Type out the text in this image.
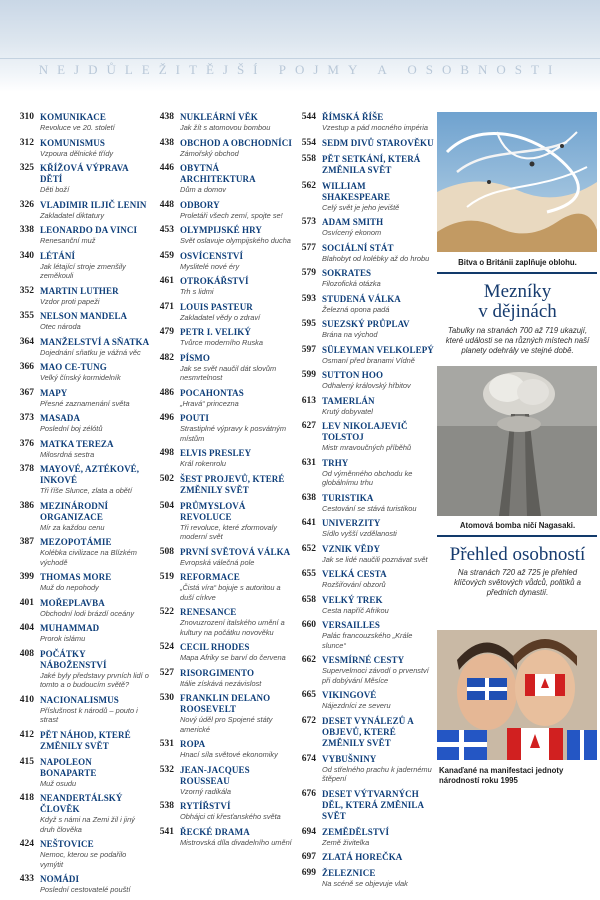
NEJDŮLEŽITĚJŠÍ POJMY A OSOBNOSTI
310 KOMUNIKACE
Revoluce ve 20. století
312 KOMUNISMUS
Vzpoura dělnické třídy
325 KŘÍŽOVÁ VÝPRAVA DĚTÍ
Děti boží
326 VLADIMIR ILJIČ LENIN
Zakladatel diktatury
338 LEONARDO DA VINCI
Renesanční muž
340 LÉTÁNÍ
Jak létající stroje zmenšily zeměkouli
352 MARTIN LUTHER
Vzdor proti papeži
355 NELSON MANDELA
Otec národa
364 MANŽELSTVÍ A SŇATKA
Dojednání sňatku je vážná věc
366 MAO CE-TUNG
Velký čínský kormidelník
367 MAPY
Přesné zaznamenání světa
373 MASADA
Poslední boj zélótů
376 MATKA TEREZA
Milosrdná sestra
378 MAYOVÉ, AZTÉKOVÉ, INKOVÉ
Tři říše Slunce, zlata a obětí
386 MEZINÁRODNÍ ORGANIZACE
Mír za každou cenu
387 MEZOPOTÁMIE
Kolébka civilizace na Blízkém východě
399 THOMAS MORE
Muž do nepohody
401 MOŘEPLAVBA
Obchodní lodi brázdí oceány
404 MUHAMMAD
Prorok islámu
408 POČÁTKY NÁBOŽENSTVÍ
Jaké byly představy prvních lidí o tomto a o budoucím světě?
410 NACIONALISMUS
Příslušnost k národů – pouto i strast
412 PĚT NÁHOD, KTERÉ ZMĚNILY SVĚT
415 NAPOLEON BONAPARTE
Muž osudu
418 NEANDERTÁLSKÝ ČLOVĚK
Když s námi na Zemi žil i jiný druh člověka
424 NEŠTOVICE
Nemoc, kterou se podařilo vymýtit
433 NOMÁDI
Poslední cestovatelé pouští
438 NUKLEÁRNÍ VĚK
Jak žít s atomovou bombou
438 OBCHOD A OBCHODNÍCI
Zámořský obchod
446 OBYTNÁ ARCHITEKTURA
Dům a domov
448 ODBORY
Proletáři všech zemí, spojte se!
453 OLYMPIJSKÉ HRY
Svět oslavuje olympijského ducha
459 OSVÍCENSTVÍ
Myslitelé nové éry
461 OTROKÁŘSTVÍ
Trh s lidmi
471 LOUIS PASTEUR
Zakladatel vědy o zdraví
479 PETR I. VELIKÝ
Tvůrce moderního Ruska
482 PÍSMO
Jak se svět naučil dát slovům nesmrtelnost
486 POCAHONTAS
„Hravá“ princezna
496 POUTI
Strastiplné výpravy k posvátným místům
498 ELVIS PRESLEY
Král rokenrolu
502 ŠEST PROJEVŮ, KTERÉ ZMĚNILY SVĚT
504 PRŮMYSLOVÁ REVOLUCE
Tři revoluce, které zformovaly moderní svět
508 PRVNÍ SVĚTOVÁ VÁLKA
Evropská válečná pole
519 REFORMACE
„Čistá víra“ bojuje s autoritou a duší církve
522 RENESANCE
Znovuzrození italského umění a kultury na počátku novověku
524 CECIL RHODES
Mapa Afriky se barví do červena
527 RISORGIMENTO
Itálie získává nezávislost
530 FRANKLIN DELANO ROOSEVELT
Nový úděl pro Spojené státy americké
531 ROPA
Hnací síla světové ekonomiky
532 JEAN-JACQUES ROUSSEAU
Vzorný radikála
538 RYTÍŘSTVÍ
Obhájci cti křesťanského světa
541 ŘECKÉ DRAMA
Mistrovská díla divadelního umění
544 ŘÍMSKÁ ŘÍŠE
Vzestup a pád mocného impéria
554 SEDM DIVŮ STAROVĚKU
558 PĚT SETKÁNÍ, KTERÁ ZMĚNILA SVĚT
562 WILLIAM SHAKESPEARE
Celý svět je jeho jeviště
573 ADAM SMITH
Osvícený ekonom
577 SOCIÁLNÍ STÁT
Blahobyt od kolébky až do hrobu
579 SOKRATES
Filozofická otázka
593 STUDENÁ VÁLKA
Železná opona padá
595 SUEZSKÝ PRŮPLAV
Brána na východ
597 SÜLEYMAN VELKOLEPÝ
Osmaní před branami Vídně
599 SUTTON HOO
Odhalený královský hřbitov
613 TAMERLÁN
Krutý dobyvatel
627 LEV NIKOLAJEVIČ TOLSTOJ
Mistr mravoučných příběhů
631 TRHY
Od výměnného obchodu ke globálnímu trhu
638 TURISTIKA
Cestování se stává turistikou
641 UNIVERZITY
Sídlo vyšší vzdělanosti
652 VZNIK VĚDY
Jak se lidé naučili poznávat svět
655 VELKÁ CESTA
Rozšiřování obzorů
658 VELKÝ TREK
Cesta napříč Afrikou
660 VERSAILLES
Palác francouzského „Krále slunce“
662 VESMÍRNÉ CESTY
Supervelmoci závodí o prvenství při dobývání Měsíce
665 VIKINGOVÉ
Nájezdníci ze severu
672 DESET VYNÁLEZŮ A OBJEVŮ, KTERÉ ZMĚNILY SVĚT
674 VYBUŠNINY
Od střelného prachu k jadernému štěpení
676 DESET VÝTVARNÝCH DĚL, KTERÁ ZMĚNILA SVĚT
694 ZEMĚDĚLSTVÍ
Země živitelka
697 ZLATÁ HOREČKA
699 ŽELEZNICE
Na scéně se objevuje vlak
Bitva o Británii zaplňuje oblohu.
Mezníky
v dějinách
Tabulky na stranách 700 až 719 ukazují, které události se na různých místech naší planety odehrály ve stejné době.
Atomová bomba ničí Nagasaki.
Přehled osobností
Na stranách 720 až 725 je přehled klíčových světových vůdců, politiků a předních dynastií.
Kanaďané na manifestaci jednoty národností roku 1995
